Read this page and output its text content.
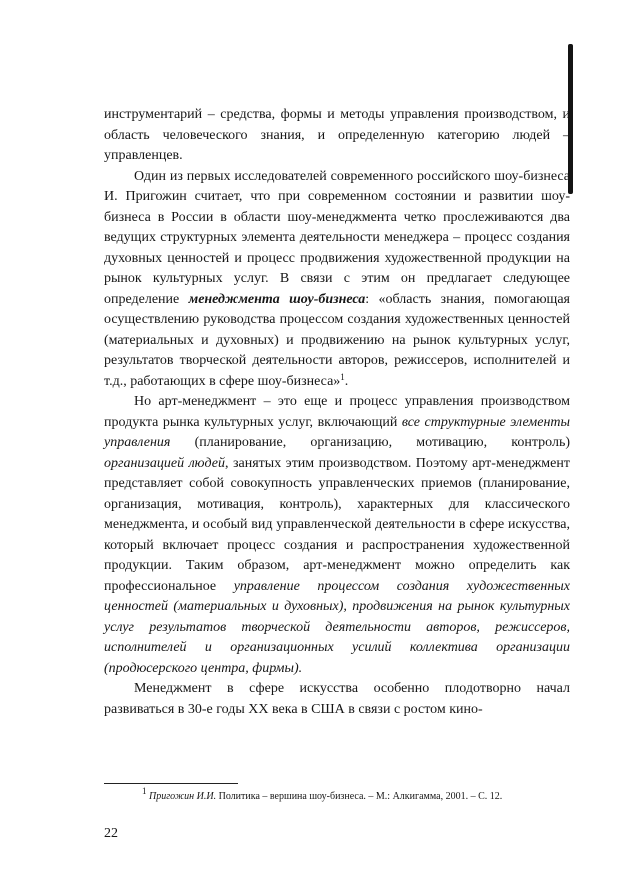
инструментарий – средства, формы и методы управления производством, и область человеческого знания, и определенную категорию людей – управленцев.

Один из первых исследователей современного российского шоу-бизнеса И. Пригожин считает, что при современном состоянии и развитии шоу-бизнеса в России в области шоу-менеджмента четко прослеживаются два ведущих структурных элемента деятельности менеджера – процесс создания духовных ценностей и процесс продвижения художественной продукции на рынок культурных услуг. В связи с этим он предлагает следующее определение менеджмента шоу-бизнеса: «область знания, помогающая осуществлению руководства процессом создания художественных ценностей (материальных и духовных) и продвижению на рынок культурных услуг, результатов творческой деятельности авторов, режиссеров, исполнителей и т.д., работающих в сфере шоу-бизнеса»$^1$.

Но арт-менеджмент – это еще и процесс управления производством продукта рынка культурных услуг, включающий все структурные элементы управления (планирование, организацию, мотивацию, контроль) организацией людей, занятых этим производством. Поэтому арт-менеджмент представляет собой совокупность управленческих приемов (планирование, организация, мотивация, контроль), характерных для классического менеджмента, и особый вид управленческой деятельности в сфере искусства, который включает процесс создания и распространения художественной продукции. Таким образом, арт-менеджмент можно определить как профессиональное управление процессом создания художественных ценностей (материальных и духовных), продвижения на рынок культурных услуг результатов творческой деятельности авторов, режиссеров, исполнителей и организационных усилий коллектива организации (продюсерского центра, фирмы).

Менеджмент в сфере искусства особенно плодотворно начал развиваться в 30-е годы XX века в США в связи с ростом кино-

$^1$ Пригожин И.И. Политика – вершина шоу-бизнеса. – М.: Алкигамма, 2001. – С. 12.
22
